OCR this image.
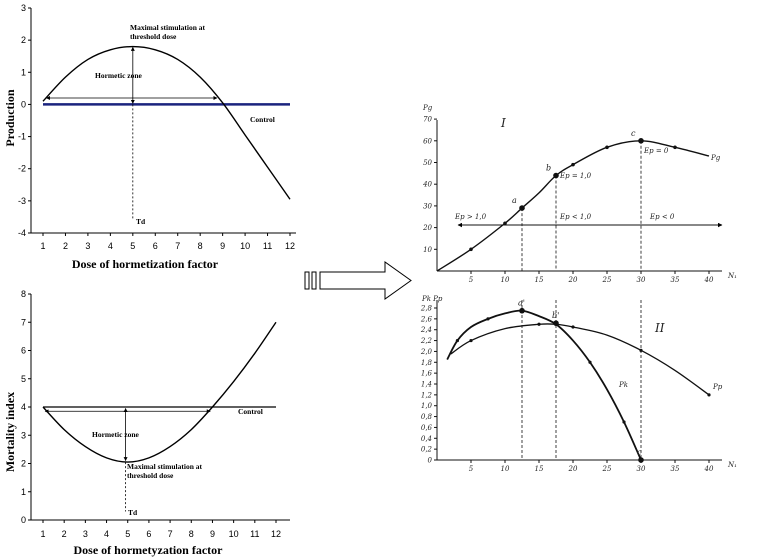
-4
-3
-2
-1
0
1
2
3
1 2 3 4 5 6 7 8 9 10 11 12
Maximal stimulation at threshold dose
Hormetic zone
Control
Td
Dose of hormetization factor
Production
0
1
2
3
4
5
6
7
8
1 2 3 4 5 6 7 8 9 10 11 12
Control
Hormetic zone
Maximal stimulation at threshold dose
Td
Dose of hormetyzation factor
Mortality index
10
20
30
40
50
60
70
5	10	15	20	25	30	35	40
a
b
c
Ep > 1,0	Ep < 1,0	Ep < 0
Ep = 1,0
Ep = 0
I
Pg
N₁
Pg
0
0,2
0,4
0,6
0,8
1,0
1,2
1,4
1,6
1,8
2,0
2,2
2,4
2,6
2,8
5	10	15	20	25	30	35	40
a'
b'
c
II
Pk Pp
N₁
Pk	Pp
